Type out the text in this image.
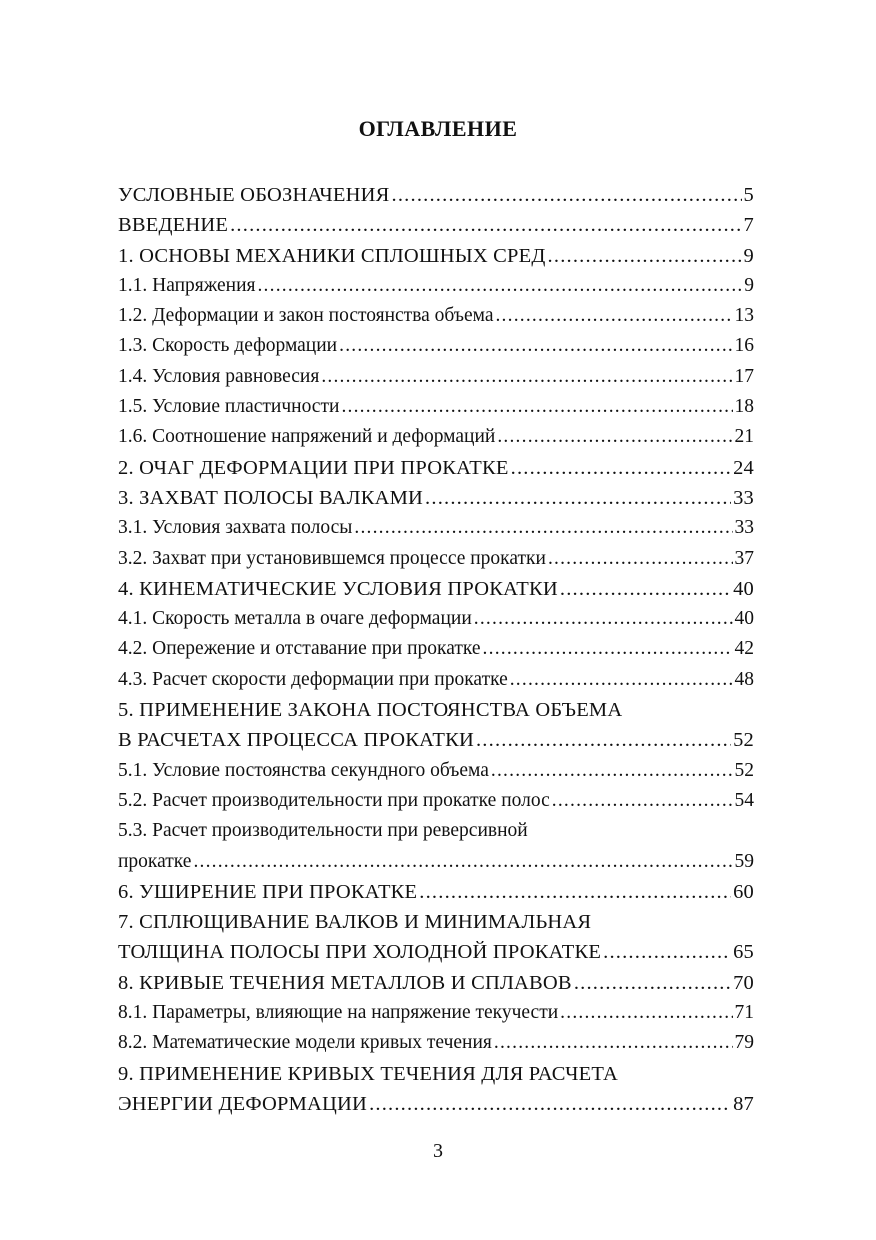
ОГЛАВЛЕНИЕ
УСЛОВНЫЕ ОБОЗНАЧЕНИЯ .....	5
ВВЕДЕНИЕ .....	7
1. ОСНОВЫ МЕХАНИКИ СПЛОШНЫХ СРЕД .....	9
1.1. Напряжения .....	9
1.2. Деформации и закон постоянства объема .....	13
1.3. Скорость деформации .....	16
1.4. Условия равновесия .....	17
1.5. Условие пластичности .....	18
1.6. Соотношение напряжений и деформаций .....	21
2. ОЧАГ ДЕФОРМАЦИИ ПРИ ПРОКАТКЕ .....	24
3. ЗАХВАТ ПОЛОСЫ ВАЛКАМИ .....	33
3.1. Условия захвата полосы .....	33
3.2. Захват при установившемся процессе прокатки .....	37
4. КИНЕМАТИЧЕСКИЕ УСЛОВИЯ ПРОКАТКИ .....	40
4.1. Скорость металла в очаге деформации .....	40
4.2. Опережение и отставание при прокатке .....	42
4.3. Расчет скорости деформации при прокатке .....	48
5. ПРИМЕНЕНИЕ ЗАКОНА ПОСТОЯНСТВА ОБЪЕМА
В РАСЧЕТАХ ПРОЦЕССА ПРОКАТКИ .....	52
5.1. Условие постоянства секундного объема .....	52
5.2. Расчет производительности при прокатке полос .....	54
5.3. Расчет производительности при реверсивной
прокатке .....	59
6. УШИРЕНИЕ ПРИ ПРОКАТКЕ .....	60
7. СПЛЮЩИВАНИЕ ВАЛКОВ И МИНИМАЛЬНАЯ
ТОЛЩИНА ПОЛОСЫ ПРИ ХОЛОДНОЙ ПРОКАТКЕ .....	65
8. КРИВЫЕ ТЕЧЕНИЯ МЕТАЛЛОВ И СПЛАВОВ .....	70
8.1. Параметры, влияющие на напряжение текучести .....	71
8.2. Математические модели кривых течения .....	79
9. ПРИМЕНЕНИЕ КРИВЫХ ТЕЧЕНИЯ ДЛЯ РАСЧЕТА
ЭНЕРГИИ ДЕФОРМАЦИИ .....	87
3
